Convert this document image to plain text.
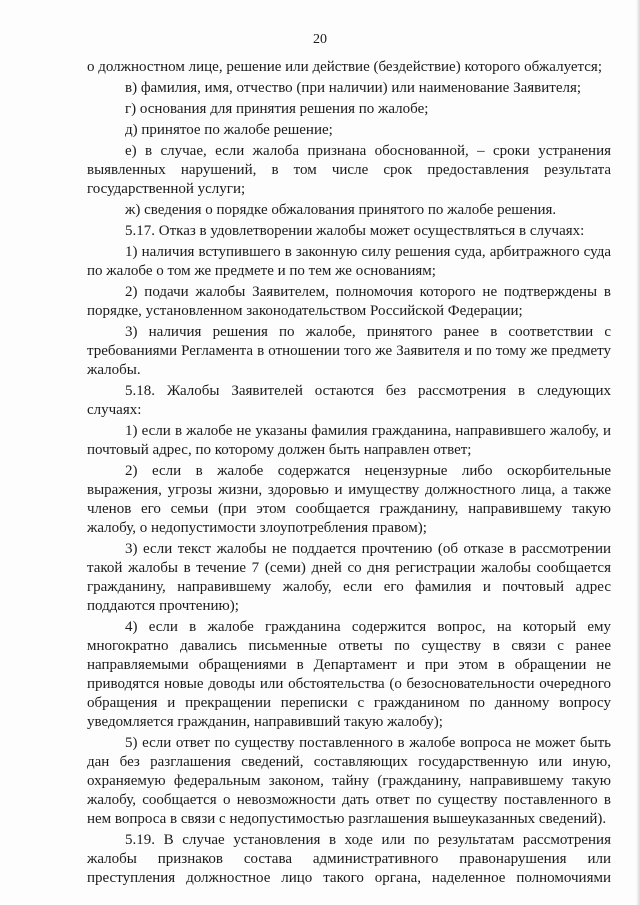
20

о должностном лице, решение или действие (бездействие) которого обжалуется;

в) фамилия, имя, отчество (при наличии) или наименование Заявителя;

г) основания для принятия решения по жалобе;

д) принятое по жалобе решение;

е) в случае, если жалоба признана обоснованной, – сроки устранения выявленных нарушений, в том числе срок предоставления результата государственной услуги;

ж) сведения о порядке обжалования принятого по жалобе решения.

5.17. Отказ в удовлетворении жалобы может осуществляться в случаях:

1) наличия вступившего в законную силу решения суда, арбитражного суда по жалобе о том же предмете и по тем же основаниям;

2) подачи жалобы Заявителем, полномочия которого не подтверждены в порядке, установленном законодательством Российской Федерации;

3) наличия решения по жалобе, принятого ранее в соответствии с требованиями Регламента в отношении того же Заявителя и по тому же предмету жалобы.

5.18. Жалобы Заявителей остаются без рассмотрения в следующих случаях:

1) если в жалобе не указаны фамилия гражданина, направившего жалобу, и почтовый адрес, по которому должен быть направлен ответ;

2) если в жалобе содержатся нецензурные либо оскорбительные выражения, угрозы жизни, здоровью и имуществу должностного лица, а также членов его семьи (при этом сообщается гражданину, направившему такую жалобу, о недопустимости злоупотребления правом);

3) если текст жалобы не поддается прочтению (об отказе в рассмотрении такой жалобы в течение 7 (семи) дней со дня регистрации жалобы сообщается гражданину, направившему жалобу, если его фамилия и почтовый адрес поддаются прочтению);

4) если в жалобе гражданина содержится вопрос, на который ему многократно давались письменные ответы по существу в связи с ранее направляемыми обращениями в Департамент и при этом в обращении не приводятся новые доводы или обстоятельства (о безосновательности очередного обращения и прекращении переписки с гражданином по данному вопросу уведомляется гражданин, направивший такую жалобу);

5) если ответ по существу поставленного в жалобе вопроса не может быть дан без разглашения сведений, составляющих государственную или иную, охраняемую федеральным законом, тайну (гражданину, направившему такую жалобу, сообщается о невозможности дать ответ по существу поставленного в нем вопроса в связи с недопустимостью разглашения вышеуказанных сведений).

5.19. В случае установления в ходе или по результатам рассмотрения жалобы признаков состава административного правонарушения или преступления должностное лицо такого органа, наделенное полномочиями
